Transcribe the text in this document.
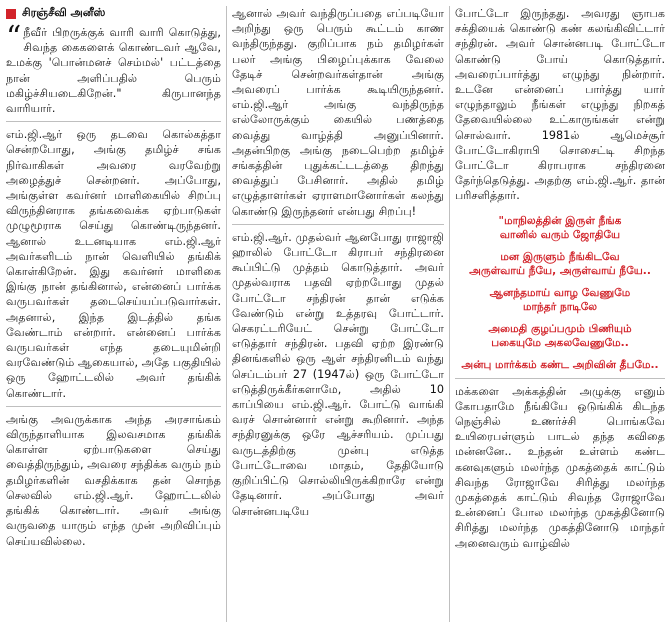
சிரஞ்சீவி அனீஸ்

“ நீவீர் பிறருக்குக் வாரி வாரி கொடுத்து, சிவந்த கைகளைக் கொண்டவர் ஆவே, உமக்கு 'பொன்மனச் செம்மல்' பட்டத்தை நான் அளிப்பதில் பெரும் மகிழ்ச்சியடைகிறேன்." கிருபானந்த வாரியார்.

எம்.ஜி.ஆர் ஒரு தடவை கொல்கத்தா சென்றபோது, அங்கு தமிழ்ச் சங்க நிர்வாகிகள் அவரை வரவேற்று அழைத்துச் சென்றனர். அப்போது, அங்குள்ள கவர்னர் மாளிகையில் சிறப்பு விருந்தினராக தங்கவைக்க ஏற்பாடுகள் முழுமூராக செய்து கொண்டிருந்தனர். ஆனால் உடனடியாக எம்.ஜி.ஆர் அவர்களிடம் நான் வெளியில் தங்கிக் கொள்கிறேன். இது கவர்னர் மாளிகை இங்கு நான் தங்கினால், என்னைப் பார்க்க வருபவர்கள் தடைசெய்யப்படுவார்கள். அதனால், இந்த இடத்தில் தங்க வேண்டாம் என்றார். என்னைப் பார்க்க வருபவர்கள் எந்த தடையுமின்றி வரவேண்டும் ஆகையால், அதே பகுதியில் ஒரு ஹோட்டலில் அவர் தங்கிக் கொண்டார்.

அங்கு அவருக்காக அந்த அரசாங்கம் விருந்தாளியாக இலவசமாக தங்கிக் கொள்ள ஏற்பாடுகளை செய்து வைத்திருந்தும், அவரை சந்திக்க வரும் நம் தமிழர்களின் வசதிக்காக தன் சொந்த செலவில் எம்.ஜி.ஆர். ஹோட்டலில் தங்கிக் கொண்டார். அவர் அங்கு வருவதை யாரும் எந்த முன் அறிவிப்பும் செய்யவில்லை.

ஆனால் அவர் வந்திருப்பதை எப்படியோ அறிந்து ஒரு பெரும் கூட்டம் காண வந்திருந்தது. குறிப்பாக நம் தமிழர்கள் பலர் அங்கு பிழைப்புக்காக வேலை தேடிச் சென்றவர்கள்தான் அங்கு அவரைப் பார்க்க கூடியிருந்தனர். எம்.ஜி.ஆர் அங்கு வந்திருந்த எல்லோருக்கும் கையில் பணத்தை வைத்து வாழ்த்தி அனுப்பினார். அதன்பிறகு அங்கு நடைபெற்ற தமிழ்ச் சங்கத்தின் புதுக்கட்டடத்தை திறந்து வைத்துப் பேசினார். அதில் தமிழ் எழுத்தாளர்கள் ஏராளமானோர்கள் கலந்து கொண்டு இருந்தனர் என்பது சிறப்பு!

எம்.ஜி.ஆர். முதல்வர் ஆனபோது ராஜாஜி ஹாலில் போட்டோ கிராபர் சந்திரனை கூப்பிட்டு முத்தம் கொடுத்தார். அவர் முதல்வராக பதவி ஏற்றபோது முதல் போட்டோ சந்திரன் தான் எடுக்க வேண்டும் என்று உத்தரவு போட்டார். செகரட்டரியேட் சென்று போட்டோ எடுத்தார் சந்திரன். பதவி ஏற்ற இரண்டு தினங்களில் ஒரு ஆள் சந்திரனிடம் வந்து செப்டம்பர் 27 (1947ல்) ஒரு போட்டோ எடுத்திருக்கீர்களாமே, அதில் 10 காப்பியை எம்.ஜி.ஆர். போட்டு வாங்கி வரச் சொன்னார் என்று கூறினார். அந்த சந்திரனுக்கு ஒரே ஆச்சரியம். முப்பது வருடத்திற்கு முன்பு எடுத்த போட்டோவை மாதம், தேதியோடு குறிப்பிட்டு சொல்லியிருக்கிறாரே என்று தேடினார். அப்போது அவர் சொன்னபடியே

போட்டோ இருந்தது. அவரது ஞாபக சக்தியைக் கொண்டு கண் கலங்கிவிட்டார் சந்திரன். அவர் சொன்னபடி போட்டோ கொண்டு போய் கொடுத்தார். அவரைப்பார்த்து எழுந்து நின்றார். உடனே என்னைப் பார்த்து யார் எழுந்தாலும் நீங்கள் எழுந்து நிறகத் தேவையில்லை உட்காருங்கள் என்று சொல்வார். 1981ல் ஆமெச்சூர் போட்டோகிராபி சொசைட்டி சிறந்த போட்டோ கிராபராக சந்திரனை தேர்ந்தெடுத்து. அதற்கு எம்.ஜி.ஆர். தான் பரிசளித்தார்.

"மாநிலத்தின் இருள் நீங்க
வானில் வரும் ஜோதியே
மன இருளும் நீங்கிடவே
அருள்வாய் நீயே, அருள்வாய் நீயே..
ஆனந்தமாய் வாழ வேணுமே
மாந்தர் நாடிலே
அமைதி குழப்பமும் பிணியும்
பகையுமே அகலவேணுமே..
அன்பு மார்க்கம் கண்ட அறிவின் தீபமே..

மக்களை அக்கத்தின் அழுக்கு எனும் கோபதாமே நீங்கியே ஒடுங்கிக் கிடந்த நெஞ்சில் உணர்ச்சி பொங்கவே உயிரைபள்ளும் பாடல் தந்த கவிதை மன்னனே.. உந்தன் உள்ளம் கண்ட கனவுகளும் மலர்ந்த முகத்தைக் காட்டும் சிவந்த ரோஜாவே சிரித்து மலர்ந்த முகத்தைக் காட்டும் சிவந்த ரோஜாவே உன்னைப் போல மலர்ந்த முகத்தினோடு சிரித்து மலர்ந்த முகத்தினோடு மாந்தர் அனைவரும் வாழ்வில்
